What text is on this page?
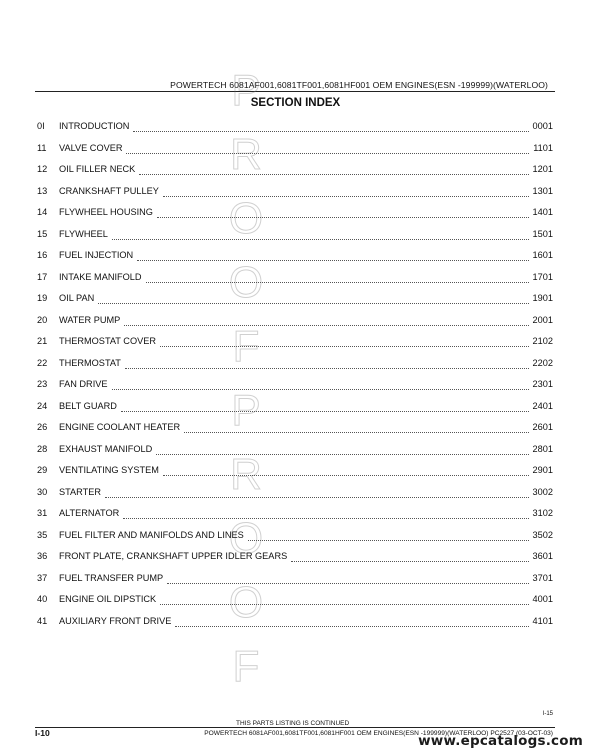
POWERTECH 6081AF001,6081TF001,6081HF001 OEM ENGINES(ESN -199999)(WATERLOO)
SECTION INDEX
P
R
O
O
F
P
R
O
O
F
0I	INTRODUCTION	0001
11	VALVE COVER	1101
12	OIL FILLER NECK	1201
13	CRANKSHAFT PULLEY	1301
14	FLYWHEEL HOUSING	1401
15	FLYWHEEL	1501
16	FUEL INJECTION	1601
17	INTAKE MANIFOLD	1701
19	OIL PAN	1901
20	WATER PUMP	2001
21	THERMOSTAT COVER	2102
22	THERMOSTAT	2202
23	FAN DRIVE	2301
24	BELT GUARD	2401
26	ENGINE COOLANT HEATER	2601
28	EXHAUST MANIFOLD	2801
29	VENTILATING SYSTEM	2901
30	STARTER	3002
31	ALTERNATOR	3102
35	FUEL FILTER AND MANIFOLDS AND LINES	3502
36	FRONT PLATE, CRANKSHAFT UPPER IDLER GEARS	3601
37	FUEL TRANSFER PUMP	3701
40	ENGINE OIL DIPSTICK	4001
41	AUXILIARY FRONT DRIVE	4101
I-10
THIS PARTS LISTING IS CONTINUED
I-15
POWERTECH 6081AF001,6081TF001,6081HF001 OEM ENGINES(ESN -199999)(WATERLOO) PC2527 (03-OCT-03)
www.epcatalogs.com
